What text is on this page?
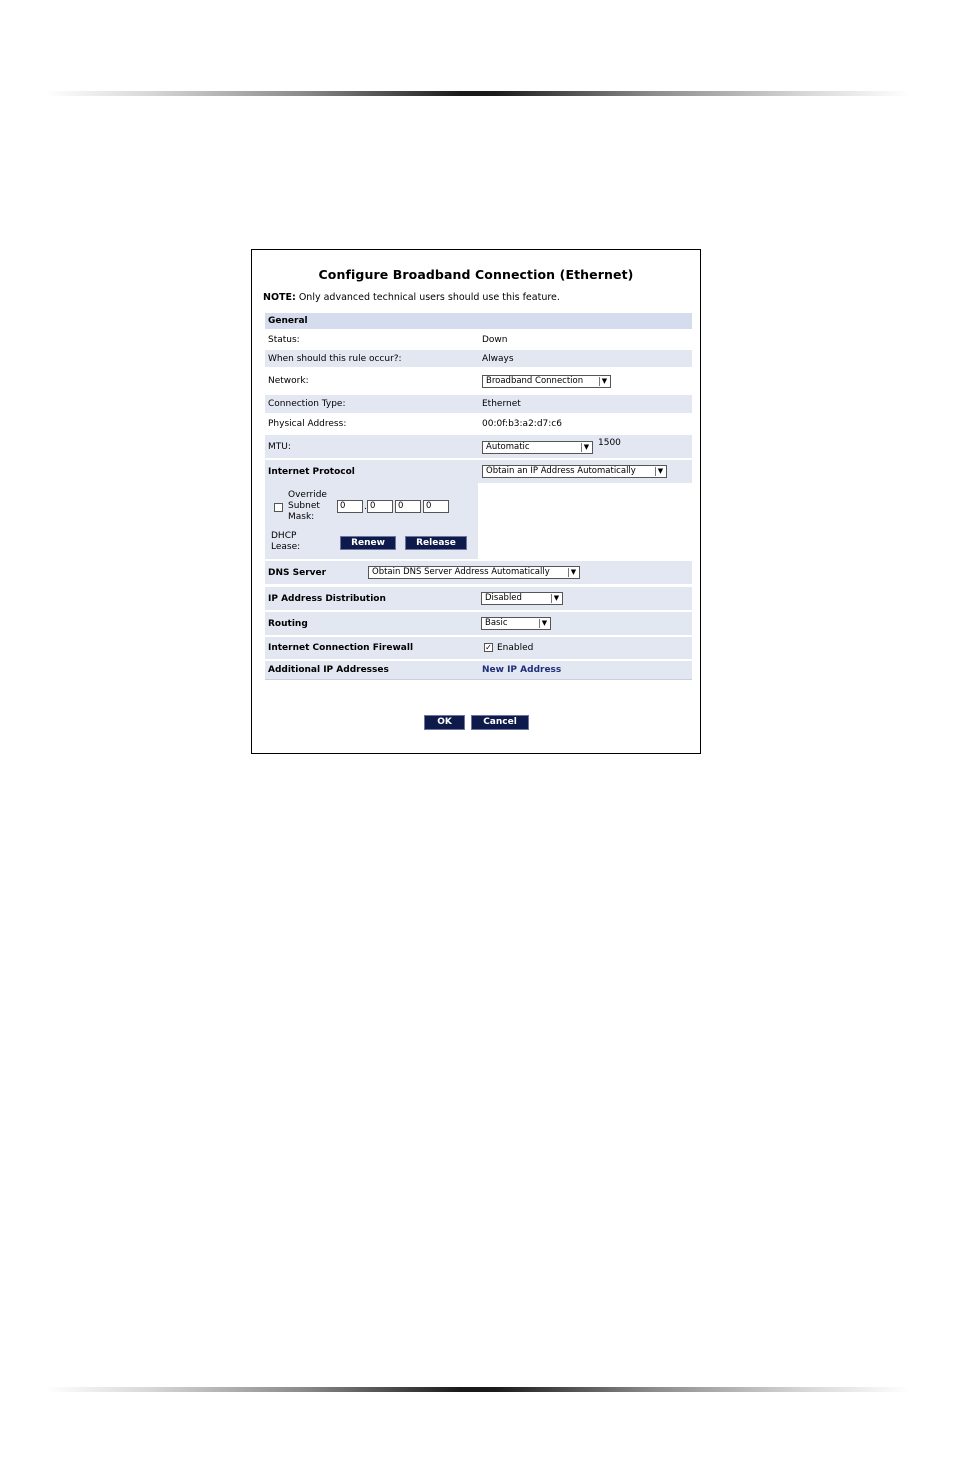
Configure Broadband Connection (Ethernet)
NOTE: Only advanced technical users should use this feature.
General
Status:	Down
When should this rule occur?:	Always
Network:	Broadband Connection
▼
Connection Type:	Ethernet
Physical Address:	00:0f:b3:a2:d7:c6
MTU:	Automatic
▼	1500
Internet Protocol	Obtain an IP Address Automatically
▼
Override
Subnet
Mask:
0	. 0	0	0
DHCP
Lease:	Renew	Release
DNS Server	Obtain DNS Server Address Automatically
▼
IP Address Distribution	Disabled
▼
Routing	Basic
▼
Internet Connection Firewall	✓ Enabled
Additional IP Addresses	New IP Address
OK	Cancel
